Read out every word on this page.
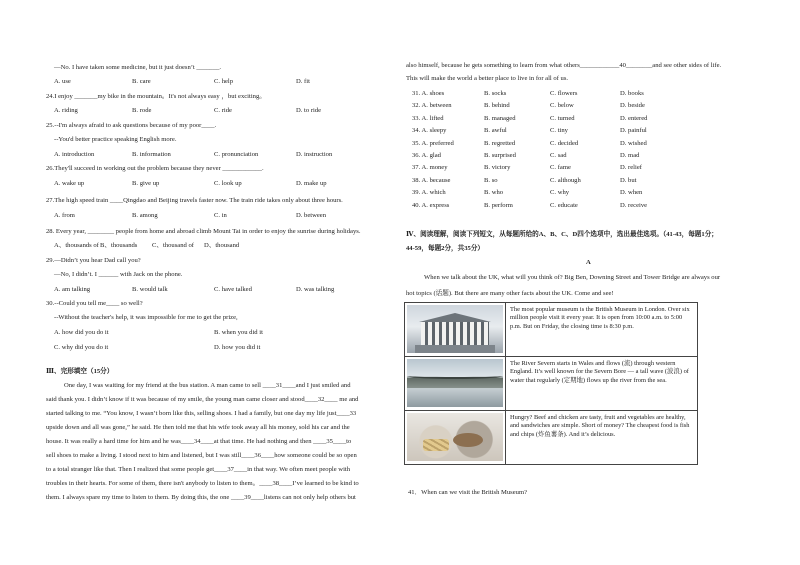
—No. I have taken some medicine, but it just doesn’t _______.
A. use	B. care	C. help	D. fit
24.I enjoy _______my bike in the mountain。It's not always easy ，but exciting。
A. riding	B. rode	C. ride	D. to ride
25.--I'm always afraid to ask questions because of my poor____.
--You'd better practice speaking English more.
A. introduction	B. information	C. pronunciation	D. instruction
26.They'll succeed in working out the problem because they never ____________.
A. wake up	B. give up	C. look up	D. make up
27.The high speed train ____Qingdao and Beijing travels faster now. The train ride takes only about three hours.
A. from	B. among	C. in	D. between
28. Every year, ________ people from home and abroad climb Mount Tai in order to enjoy the sunrise during holidays.
A、thousands of B、thousands	C、thousand of	D、thousand
29.—Didn’t you hear Dad call you?
—No, I didn’t. I ______ with Jack on the phone.
A. am talking	B. would talk	C. have talked	D. was talking
30.--Could you tell me____ so well?
--Without the teacher's help, it was impossible for me to get the prize,
A. how did you do it	B. when you did it
C. why did you do it	D. how you did it
Ⅲ、完形填空（15分）
One day, I was waiting for my friend at the bus station. A man came to sell ____31____and I just smiled and
said thank you. I didn’t know if it was because of my smile, the young man came closer and stood____32____ me and
started talking to me. “You know, I wasn’t born like this, selling shoes. I had a family, but one day my life just____33
upside down and all was gone,” he said. He then told me that his wife took away all his money, sold his car and the
house. It was really a hard time for him and he was____34____at that time. He had nothing and then ____35____to
sell shoes to make a living. I stood next to him and listened, but I was still____36____how someone could be so open
to a total stranger like that. Then I realized that some people get____37____in that way. We often meet people with
troubles in their hearts. For some of them, there isn't anybody to listen to them。____38____I’ve learned to be kind to
them. I always spare my time to listen to them. By doing this, the one ____39____listens can not only help others but
also himself, because he gets something to learn from what others____________40________and see other sides of life.
This will make the world a better place to live in for all of us.
31. A. shoes	B. socks	C. flowers	D. books
32. A. between	B. behind	C. below	D. beside
33. A. lifted	B. managed	C. turned	D. entered
34. A. sleepy	B. awful	C. tiny	D. painful
35. A. preferred	B. regretted	C. decided	D. wished
36. A. glad	B. surprised	C. sad	D. mad
37. A. money	B. victory	C. fame	D. relief
38. A. because	B. so	C. although	D. but
39. A. which	B. who	C. why	D. when
40. A. express	B. perform	C. educate	D. receive
Ⅳ、阅读理解，阅读下列短文，从每题所给的A、B、C、D四个选项中，选出最佳选项。（41-43，每题1分；
44-59，每题2分，共35分）
A
When we talk about the UK, what will you think of? Big Ben, Downing Street and Tower Bridge are always our
hot topics (话题). But there are many other facts about the UK. Come and see!
	The most popular museum is the British Museum in London. Over six million people visit it every year. It is open from 10:00 a.m. to 5:00 p.m. But on Friday, the closing time is 8:30 p.m.

	The River Severn starts in Wales and flows (流) through western England. It’s well known for the Severn Bore — a tall wave (波浪) of water that regularly (定期地) flows up the river from the sea.

	Hungry? Beef and chicken are tasty, fruit and vegetables are healthy, and sandwiches are simple. Short of money? The cheapest food is fish and chips (炸鱼薯条). And it’s delicious.
41．When can we visit the British Museum?
